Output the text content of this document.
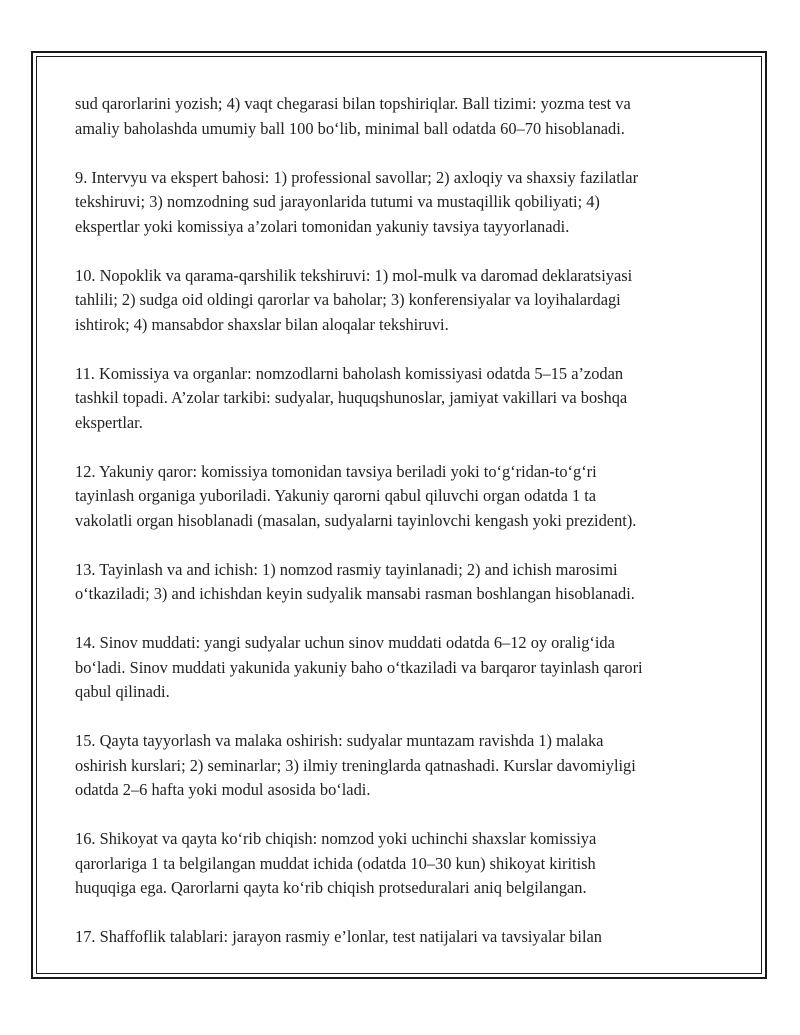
sud qarorlarini yozish; 4) vaqt chegarasi bilan topshiriqlar. Ball tizimi: yozma test va
amaliy baholashda umumiy ball 100 bo‘lib, minimal ball odatda 60–70 hisoblanadi.

9. Intervyu va ekspert bahosi: 1) professional savollar; 2) axloqiy va shaxsiy fazilatlar
tekshiruvi; 3) nomzodning sud jarayonlarida tutumi va mustaqillik qobiliyati; 4)
ekspertlar yoki komissiya a’zolari tomonidan yakuniy tavsiya tayyorlanadi.

10. Nopoklik va qarama-qarshilik tekshiruvi: 1) mol-mulk va daromad deklaratsiyasi
tahlili; 2) sudga oid oldingi qarorlar va baholar; 3) konferensiyalar va loyihalardagi
ishtirok; 4) mansabdor shaxslar bilan aloqalar tekshiruvi.

11. Komissiya va organlar: nomzodlarni baholash komissiyasi odatda 5–15 a’zodan
tashkil topadi. A’zolar tarkibi: sudyalar, huquqshunoslar, jamiyat vakillari va boshqa
ekspertlar.

12. Yakuniy qaror: komissiya tomonidan tavsiya beriladi yoki to‘g‘ridan-to‘g‘ri
tayinlash organiga yuboriladi. Yakuniy qarorni qabul qiluvchi organ odatda 1 ta
vakolatli organ hisoblanadi (masalan, sudyalarni tayinlovchi kengash yoki prezident).

13. Tayinlash va and ichish: 1) nomzod rasmiy tayinlanadi; 2) and ichish marosimi
o‘tkaziladi; 3) and ichishdan keyin sudyalik mansabi rasman boshlangan hisoblanadi.

14. Sinov muddati: yangi sudyalar uchun sinov muddati odatda 6–12 oy oralig‘ida
bo‘ladi. Sinov muddati yakunida yakuniy baho o‘tkaziladi va barqaror tayinlash qarori
qabul qilinadi.

15. Qayta tayyorlash va malaka oshirish: sudyalar muntazam ravishda 1) malaka
oshirish kurslari; 2) seminarlar; 3) ilmiy treninglarda qatnashadi. Kurslar davomiyligi
odatda 2–6 hafta yoki modul asosida bo‘ladi.

16. Shikoyat va qayta ko‘rib chiqish: nomzod yoki uchinchi shaxslar komissiya
qarorlariga 1 ta belgilangan muddat ichida (odatda 10–30 kun) shikoyat kiritish
huquqiga ega. Qarorlarni qayta ko‘rib chiqish protseduralari aniq belgilangan.

17. Shaffoflik talablari: jarayon rasmiy e’lonlar, test natijalari va tavsiyalar bilan
